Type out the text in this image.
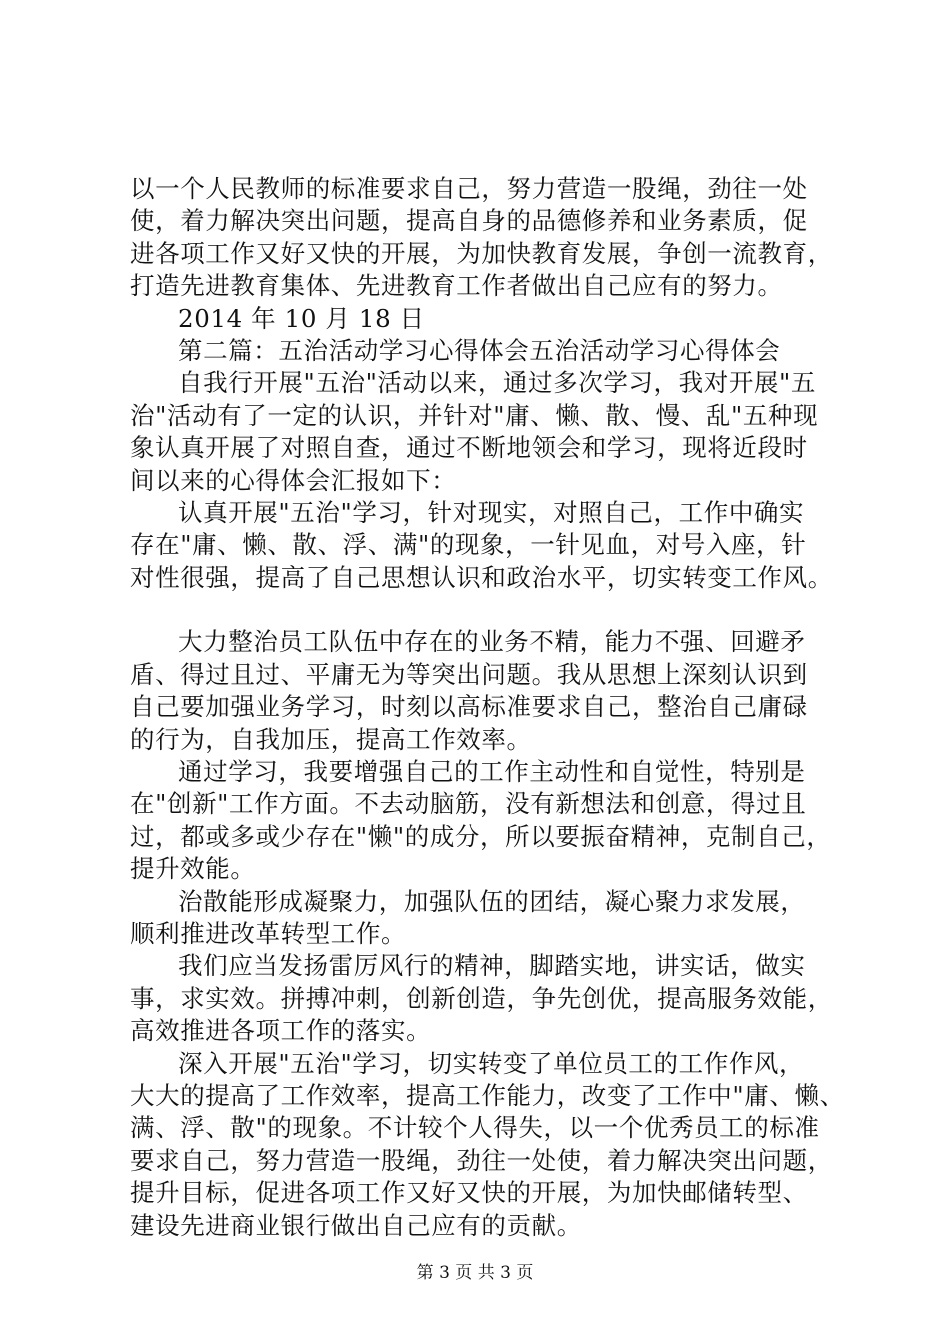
以一个人民教师的标准要求自己，努力营造一股绳，劲往一处
使，着力解决突出问题，提高自身的品德修养和业务素质，促
进各项工作又好又快的开展，为加快教育发展，争创一流教育，
打造先进教育集体、先进教育工作者做出自己应有的努力。
2014 年 10 月 18 日
第二篇：五治活动学习心得体会五治活动学习心得体会
自我行开展"五治"活动以来，通过多次学习，我对开展"五
治"活动有了一定的认识，并针对"庸、懒、散、慢、乱"五种现
象认真开展了对照自查，通过不断地领会和学习，现将近段时
间以来的心得体会汇报如下：
认真开展"五治"学习，针对现实，对照自己，工作中确实
存在"庸、懒、散、浮、满"的现象，一针见血，对号入座，针
对性很强，提高了自己思想认识和政治水平，切实转变工作风。
大力整治员工队伍中存在的业务不精，能力不强、回避矛
盾、得过且过、平庸无为等突出问题。我从思想上深刻认识到
自己要加强业务学习，时刻以高标准要求自己，整治自己庸碌
的行为，自我加压，提高工作效率。
通过学习，我要增强自己的工作主动性和自觉性，特别是
在"创新"工作方面。不去动脑筋，没有新想法和创意，得过且
过，都或多或少存在"懒"的成分，所以要振奋精神，克制自己，
提升效能。
治散能形成凝聚力，加强队伍的团结，凝心聚力求发展，
顺利推进改革转型工作。
我们应当发扬雷厉风行的精神，脚踏实地，讲实话，做实
事，求实效。拼搏冲刺，创新创造，争先创优，提高服务效能，
高效推进各项工作的落实。
深入开展"五治"学习，切实转变了单位员工的工作作风，
大大的提高了工作效率，提高工作能力，改变了工作中"庸、懒、
满、浮、散"的现象。不计较个人得失，以一个优秀员工的标准
要求自己，努力营造一股绳，劲往一处使，着力解决突出问题，
提升目标，促进各项工作又好又快的开展，为加快邮储转型、
建设先进商业银行做出自己应有的贡献。
第 3 页 共 3 页
